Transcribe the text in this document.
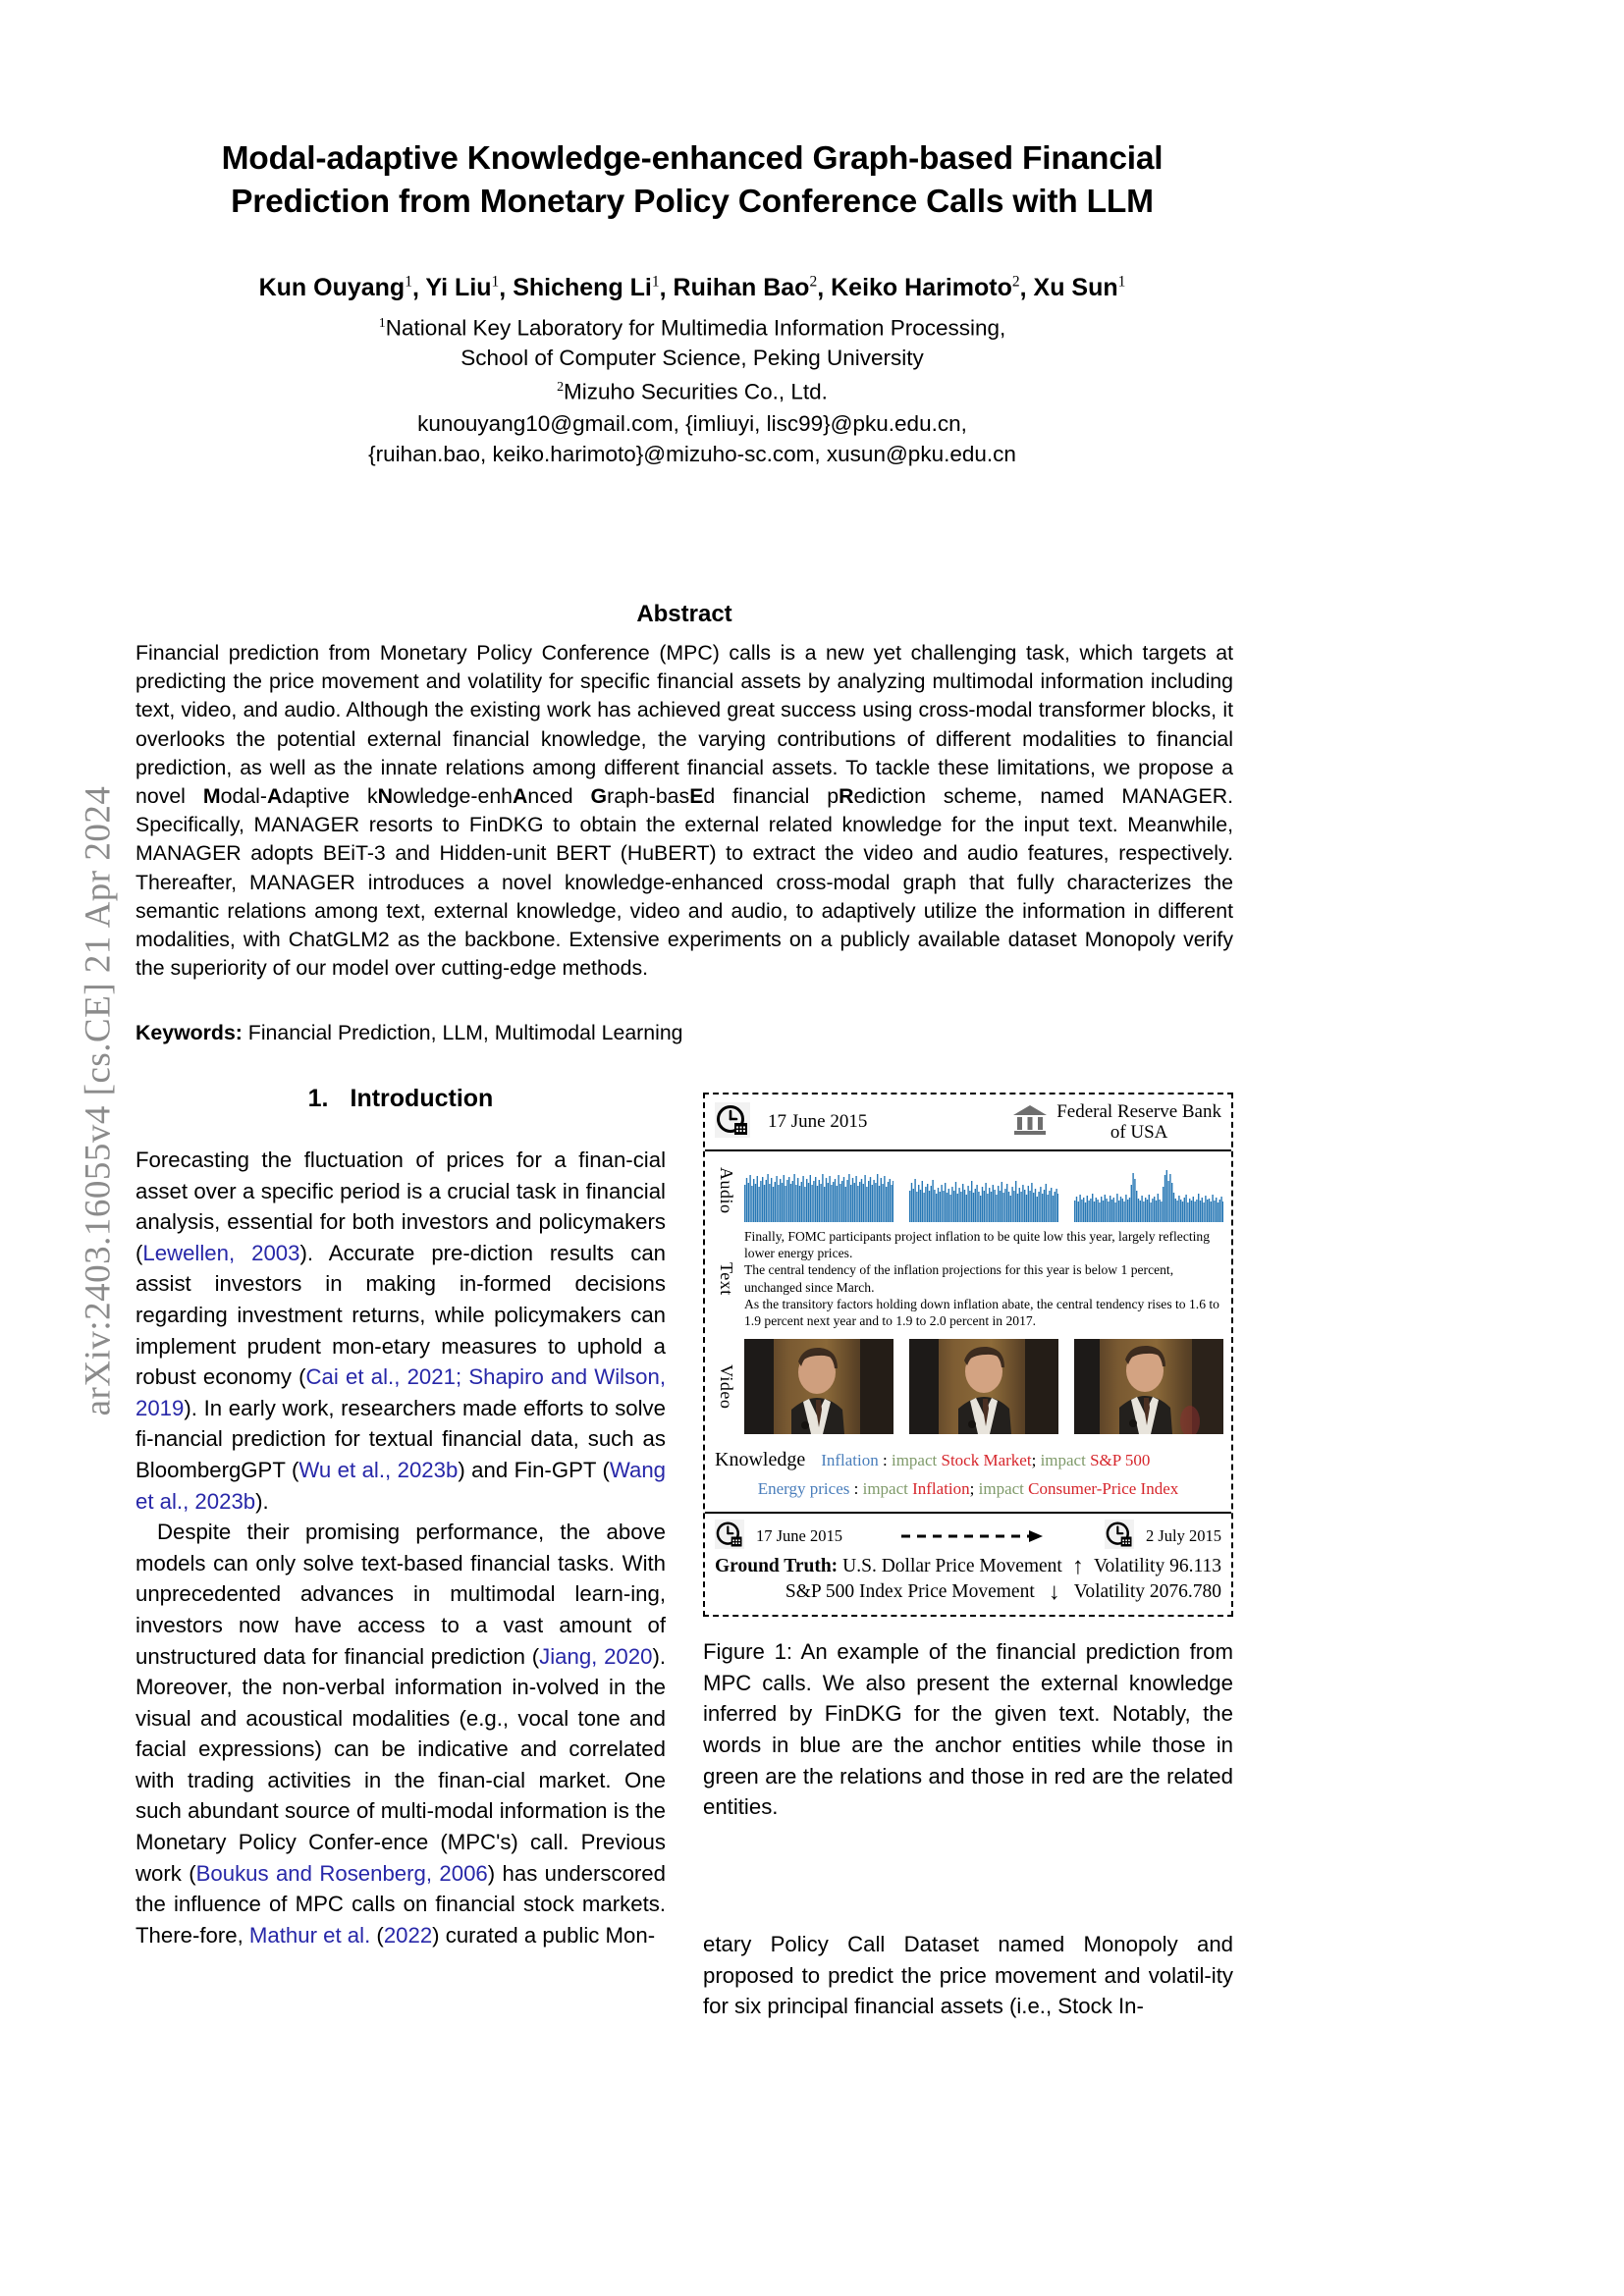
arXiv:2403.16055v4 [cs.CE] 21 Apr 2024
Modal-adaptive Knowledge-enhanced Graph-based Financial Prediction from Monetary Policy Conference Calls with LLM
Kun Ouyang$^1$, Yi Liu$^1$, Shicheng Li$^1$, Ruihan Bao$^2$, Keiko Harimoto$^2$, Xu Sun$^1$
$^1$National Key Laboratory for Multimedia Information Processing,
School of Computer Science, Peking University
$^2$Mizuho Securities Co., Ltd.
kunouyang10@gmail.com, {imliuyi, lisc99}@pku.edu.cn,
{ruihan.bao, keiko.harimoto}@mizuho-sc.com, xusun@pku.edu.cn
Abstract
Financial prediction from Monetary Policy Conference (MPC) calls is a new yet challenging task, which targets at predicting the price movement and volatility for specific financial assets by analyzing multimodal information including text, video, and audio. Although the existing work has achieved great success using cross-modal transformer blocks, it overlooks the potential external financial knowledge, the varying contributions of different modalities to financial prediction, as well as the innate relations among different financial assets. To tackle these limitations, we propose a novel Modal-Adaptive kNowledge-enhAnced Graph-basEd financial pRediction scheme, named MANAGER. Specifically, MANAGER resorts to FinDKG to obtain the external related knowledge for the input text. Meanwhile, MANAGER adopts BEiT-3 and Hidden-unit BERT (HuBERT) to extract the video and audio features, respectively. Thereafter, MANAGER introduces a novel knowledge-enhanced cross-modal graph that fully characterizes the semantic relations among text, external knowledge, video and audio, to adaptively utilize the information in different modalities, with ChatGLM2 as the backbone. Extensive experiments on a publicly available dataset Monopoly verify the superiority of our model over cutting-edge methods.
Keywords: Financial Prediction, LLM, Multimodal Learning
1. Introduction

Forecasting the fluctuation of prices for a finan-cial asset over a specific period is a crucial task in financial analysis, essential for both investors and policymakers (Lewellen, 2003). Accurate pre-diction results can assist investors in making in-formed decisions regarding investment returns, while policymakers can implement prudent mon-etary measures to uphold a robust economy (Cai et al., 2021; Shapiro and Wilson, 2019). In early work, researchers made efforts to solve fi-nancial prediction for textual financial data, such as BloombergGPT (Wu et al., 2023b) and Fin-GPT (Wang et al., 2023b).

Despite their promising performance, the above models can only solve text-based financial tasks. With unprecedented advances in multimodal learn-ing, investors now have access to a vast amount of unstructured data for financial prediction (Jiang, 2020). Moreover, the non-verbal information in-volved in the visual and acoustical modalities (e.g., vocal tone and facial expressions) can be indicative and correlated with trading activities in the finan-cial market. One such abundant source of multi-modal information is the Monetary Policy Confer-ence (MPC's) call. Previous work (Boukus and Rosenberg, 2006) has underscored the influence of MPC calls on financial stock markets. There-fore, Mathur et al. (2022) curated a public Mon-

17 June 2015	Federal Reserve Bank
of USA
Audio
Text

Finally, FOMC participants project inflation to be quite low this year, largely reflecting

lower energy prices.

The central tendency of the inflation projections for this year is below 1 percent,

unchanged since March.

As the transitory factors holding down inflation abate, the central tendency rises to 1.6 to

1.9 percent next year and to 1.9 to 2.0 percent in 2017.

Video
Knowledge Inflation : impact Stock Market; impact S&P 500
Energy prices : impact Inflation; impact Consumer-Price Index
17 June 2015	2 July 2015
Ground Truth: U.S. Dollar Price Movement ↑ Volatility 96.113
S&P 500 Index Price Movement ↓ Volatility 2076.780
Figure 1: An example of the financial prediction from MPC calls. We also present the external knowledge inferred by FinDKG for the given text. Notably, the words in blue are the anchor entities while those in green are the relations and those in red are the related entities.
etary Policy Call Dataset named Monopoly and proposed to predict the price movement and volatil-ity for six principal financial assets (i.e., Stock In-
